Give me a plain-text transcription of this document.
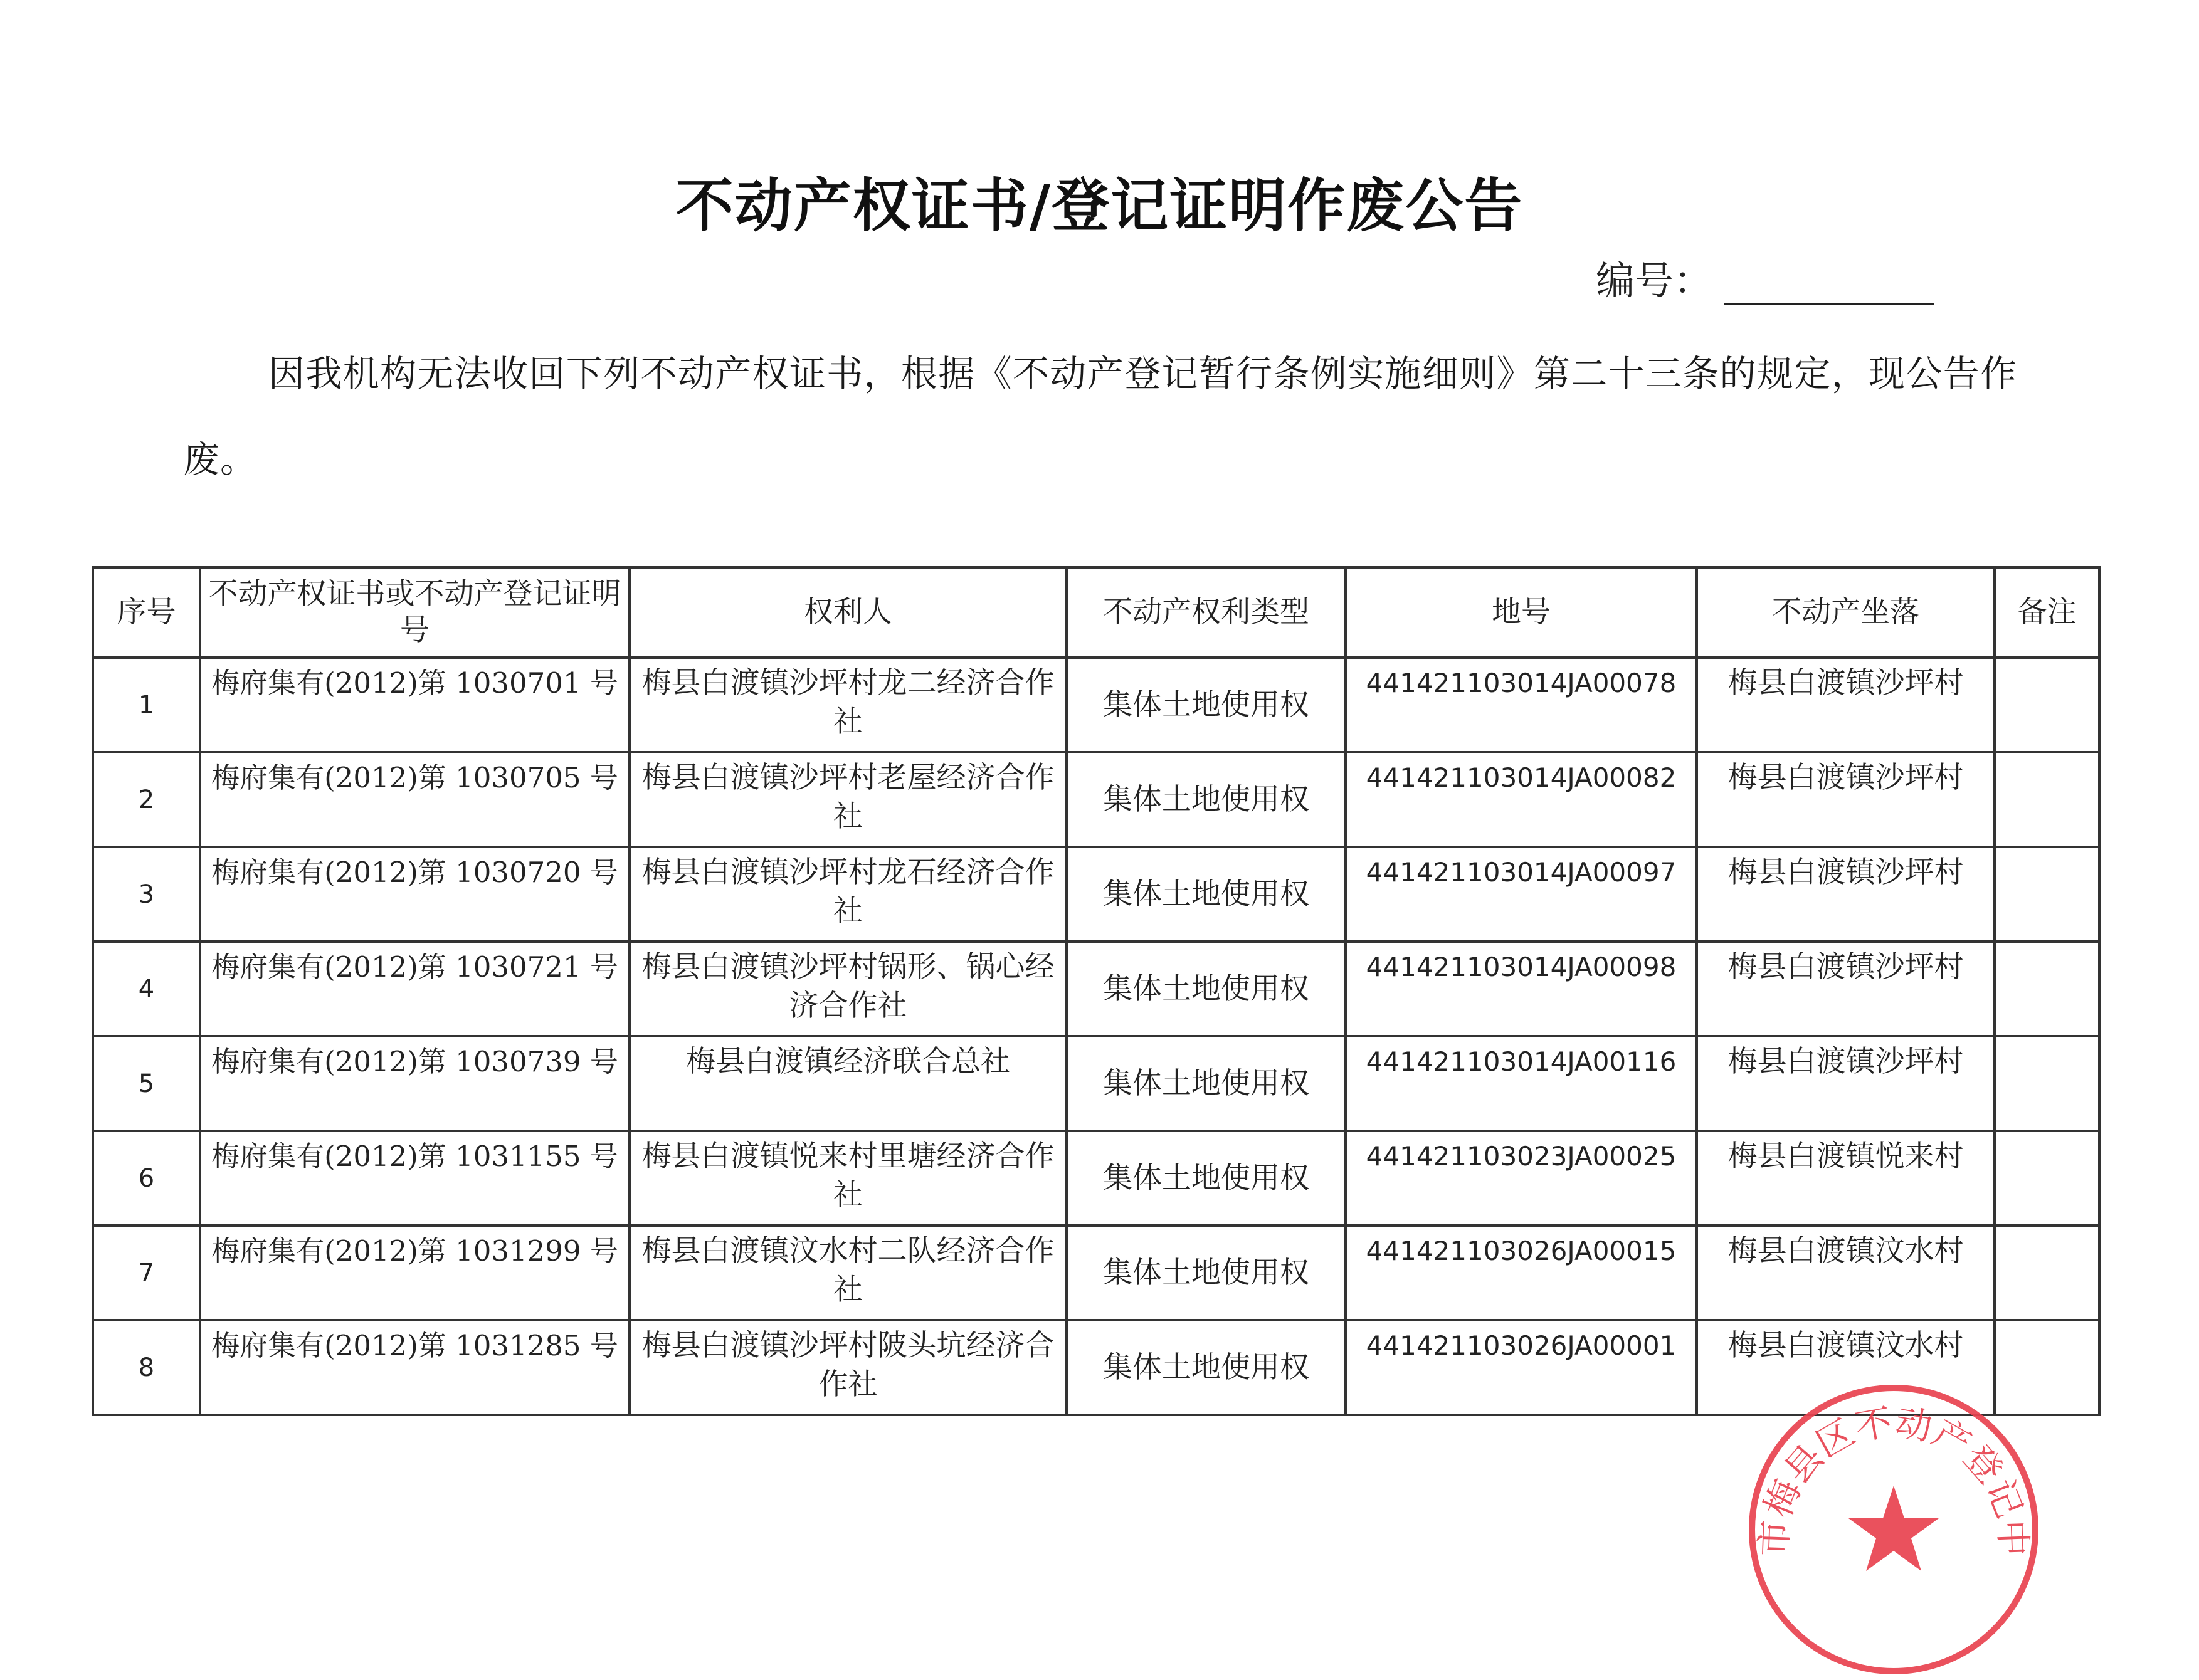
不动产权证书/登记证明作废公告
编号：
因我机构无法收回下列不动产权证书，根据《不动产登记暂行条例实施细则》第二十三条的规定，现公告作废。
序号	不动产权证书或不动产登记证明号	权利人	不动产权利类型	地号	不动产坐落	备注
1	梅府集有(2012)第 1030701 号	梅县白渡镇沙坪村龙二经济合作社	集体土地使用权	441421103014JA00078	梅县白渡镇沙坪村	
2	梅府集有(2012)第 1030705 号	梅县白渡镇沙坪村老屋经济合作社	集体土地使用权	441421103014JA00082	梅县白渡镇沙坪村	
3	梅府集有(2012)第 1030720 号	梅县白渡镇沙坪村龙石经济合作社	集体土地使用权	441421103014JA00097	梅县白渡镇沙坪村	
4	梅府集有(2012)第 1030721 号	梅县白渡镇沙坪村锅形、锅心经济合作社	集体土地使用权	441421103014JA00098	梅县白渡镇沙坪村	
5	梅府集有(2012)第 1030739 号	梅县白渡镇经济联合总社	集体土地使用权	441421103014JA00116	梅县白渡镇沙坪村	
6	梅府集有(2012)第 1031155 号	梅县白渡镇悦来村里塘经济合作社	集体土地使用权	441421103023JA00025	梅县白渡镇悦来村	
7	梅府集有(2012)第 1031299 号	梅县白渡镇汶水村二队经济合作社	集体土地使用权	441421103026JA00015	梅县白渡镇汶水村	
8	梅府集有(2012)第 1031285 号	梅县白渡镇沙坪村陂头坑经济合作社	集体土地使用权	441421103026JA00001	梅县白渡镇汶水村	
市梅县区不动产登记中
